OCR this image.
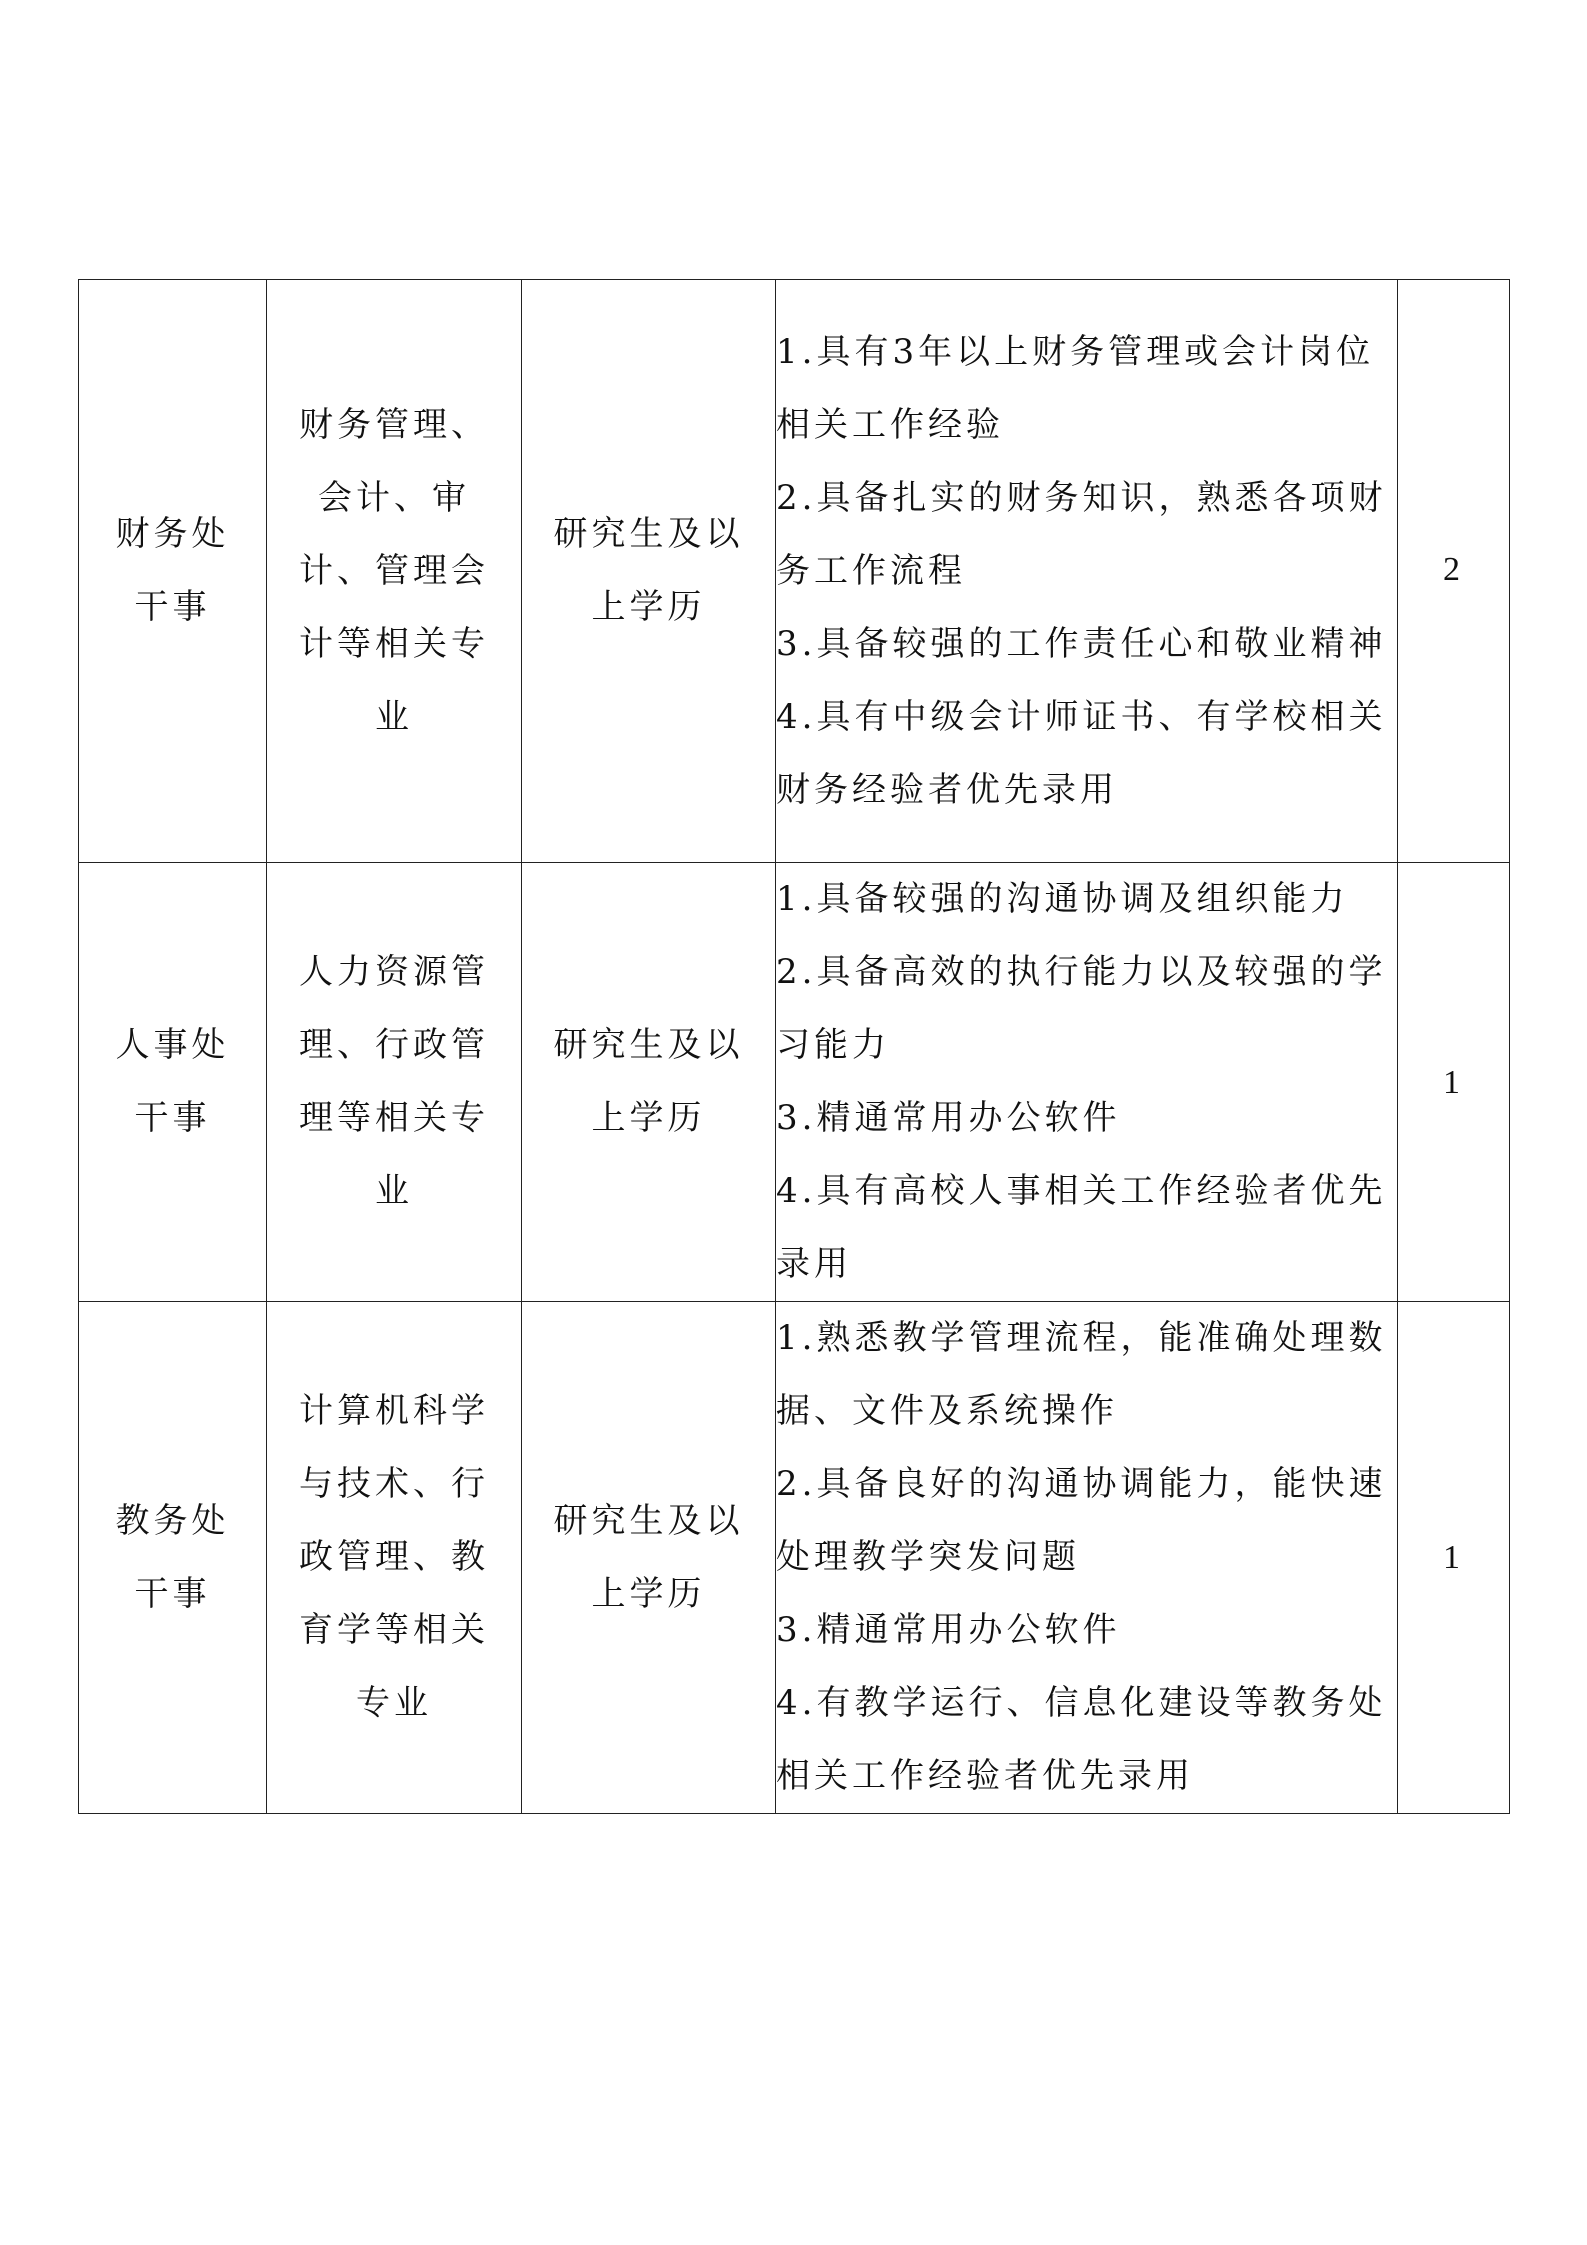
财务处干事	财务管理、会计、审计、管理会计等相关专业	研究生及以上学历	1.具有3年以上财务管理或会计岗位相关工作经验
2.具备扎实的财务知识，熟悉各项财务工作流程
3.具备较强的工作责任心和敬业精神
4.具有中级会计师证书、有学校相关财务经验者优先录用	2

人事处干事	人力资源管理、行政管理等相关专业	研究生及以上学历	1.具备较强的沟通协调及组织能力
2.具备高效的执行能力以及较强的学习能力
3.精通常用办公软件
4.具有高校人事相关工作经验者优先录用	1

教务处干事	计算机科学与技术、行政管理、教育学等相关专业	研究生及以上学历	1.熟悉教学管理流程，能准确处理数据、文件及系统操作
2.具备良好的沟通协调能力，能快速处理教学突发问题
3.精通常用办公软件
4.有教学运行、信息化建设等教务处相关工作经验者优先录用	1
